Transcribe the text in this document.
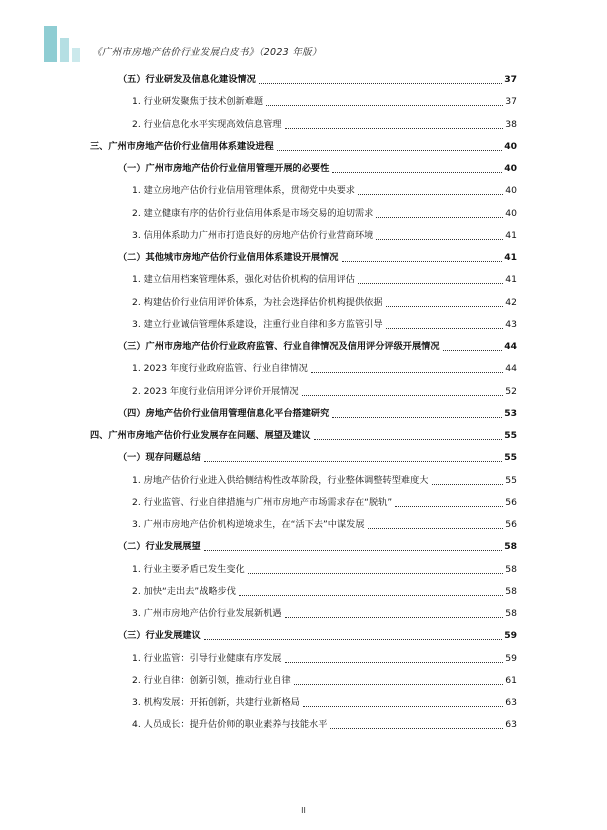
《广州市房地产估价行业发展白皮书》（2023 年版）
（五）行业研发及信息化建设情况	37
1. 行业研发聚焦于技术创新难题	37
2. 行业信息化水平实现高效信息管理	38
三、广州市房地产估价行业信用体系建设进程	40
（一）广州市房地产估价行业信用管理开展的必要性	40
1. 建立房地产估价行业信用管理体系，贯彻党中央要求	40
2. 建立健康有序的估价行业信用体系是市场交易的迫切需求	40
3. 信用体系助力广州市打造良好的房地产估价行业营商环境	41
（二）其他城市房地产估价行业信用体系建设开展情况	41
1. 建立信用档案管理体系，强化对估价机构的信用评估	41
2. 构建估价行业信用评价体系，为社会选择估价机构提供依据	42
3. 建立行业诚信管理体系建设，注重行业自律和多方监管引导	43
（三）广州市房地产估价行业政府监管、行业自律情况及信用评分评级开展情况	44
1. 2023 年度行业政府监管、行业自律情况	44
2. 2023 年度行业信用评分评价开展情况	52
（四）房地产估价行业信用管理信息化平台搭建研究	53
四、广州市房地产估价行业发展存在问题、展望及建议	55
（一）现存问题总结	55
1. 房地产估价行业进入供给侧结构性改革阶段，行业整体调整转型难度大	55
2. 行业监管、行业自律措施与广州市房地产市场需求存在“脱轨”	56
3. 广州市房地产估价机构逆境求生，在“活下去”中谋发展	56
（二）行业发展展望	58
1. 行业主要矛盾已发生变化	58
2. 加快“走出去”战略步伐	58
3. 广州市房地产估价行业发展新机遇	58
（三）行业发展建议	59
1. 行业监管：引导行业健康有序发展	59
2. 行业自律：创新引领，推动行业自律	61
3. 机构发展：开拓创新，共建行业新格局	63
4. 人员成长：提升估价师的职业素养与技能水平	63
II
